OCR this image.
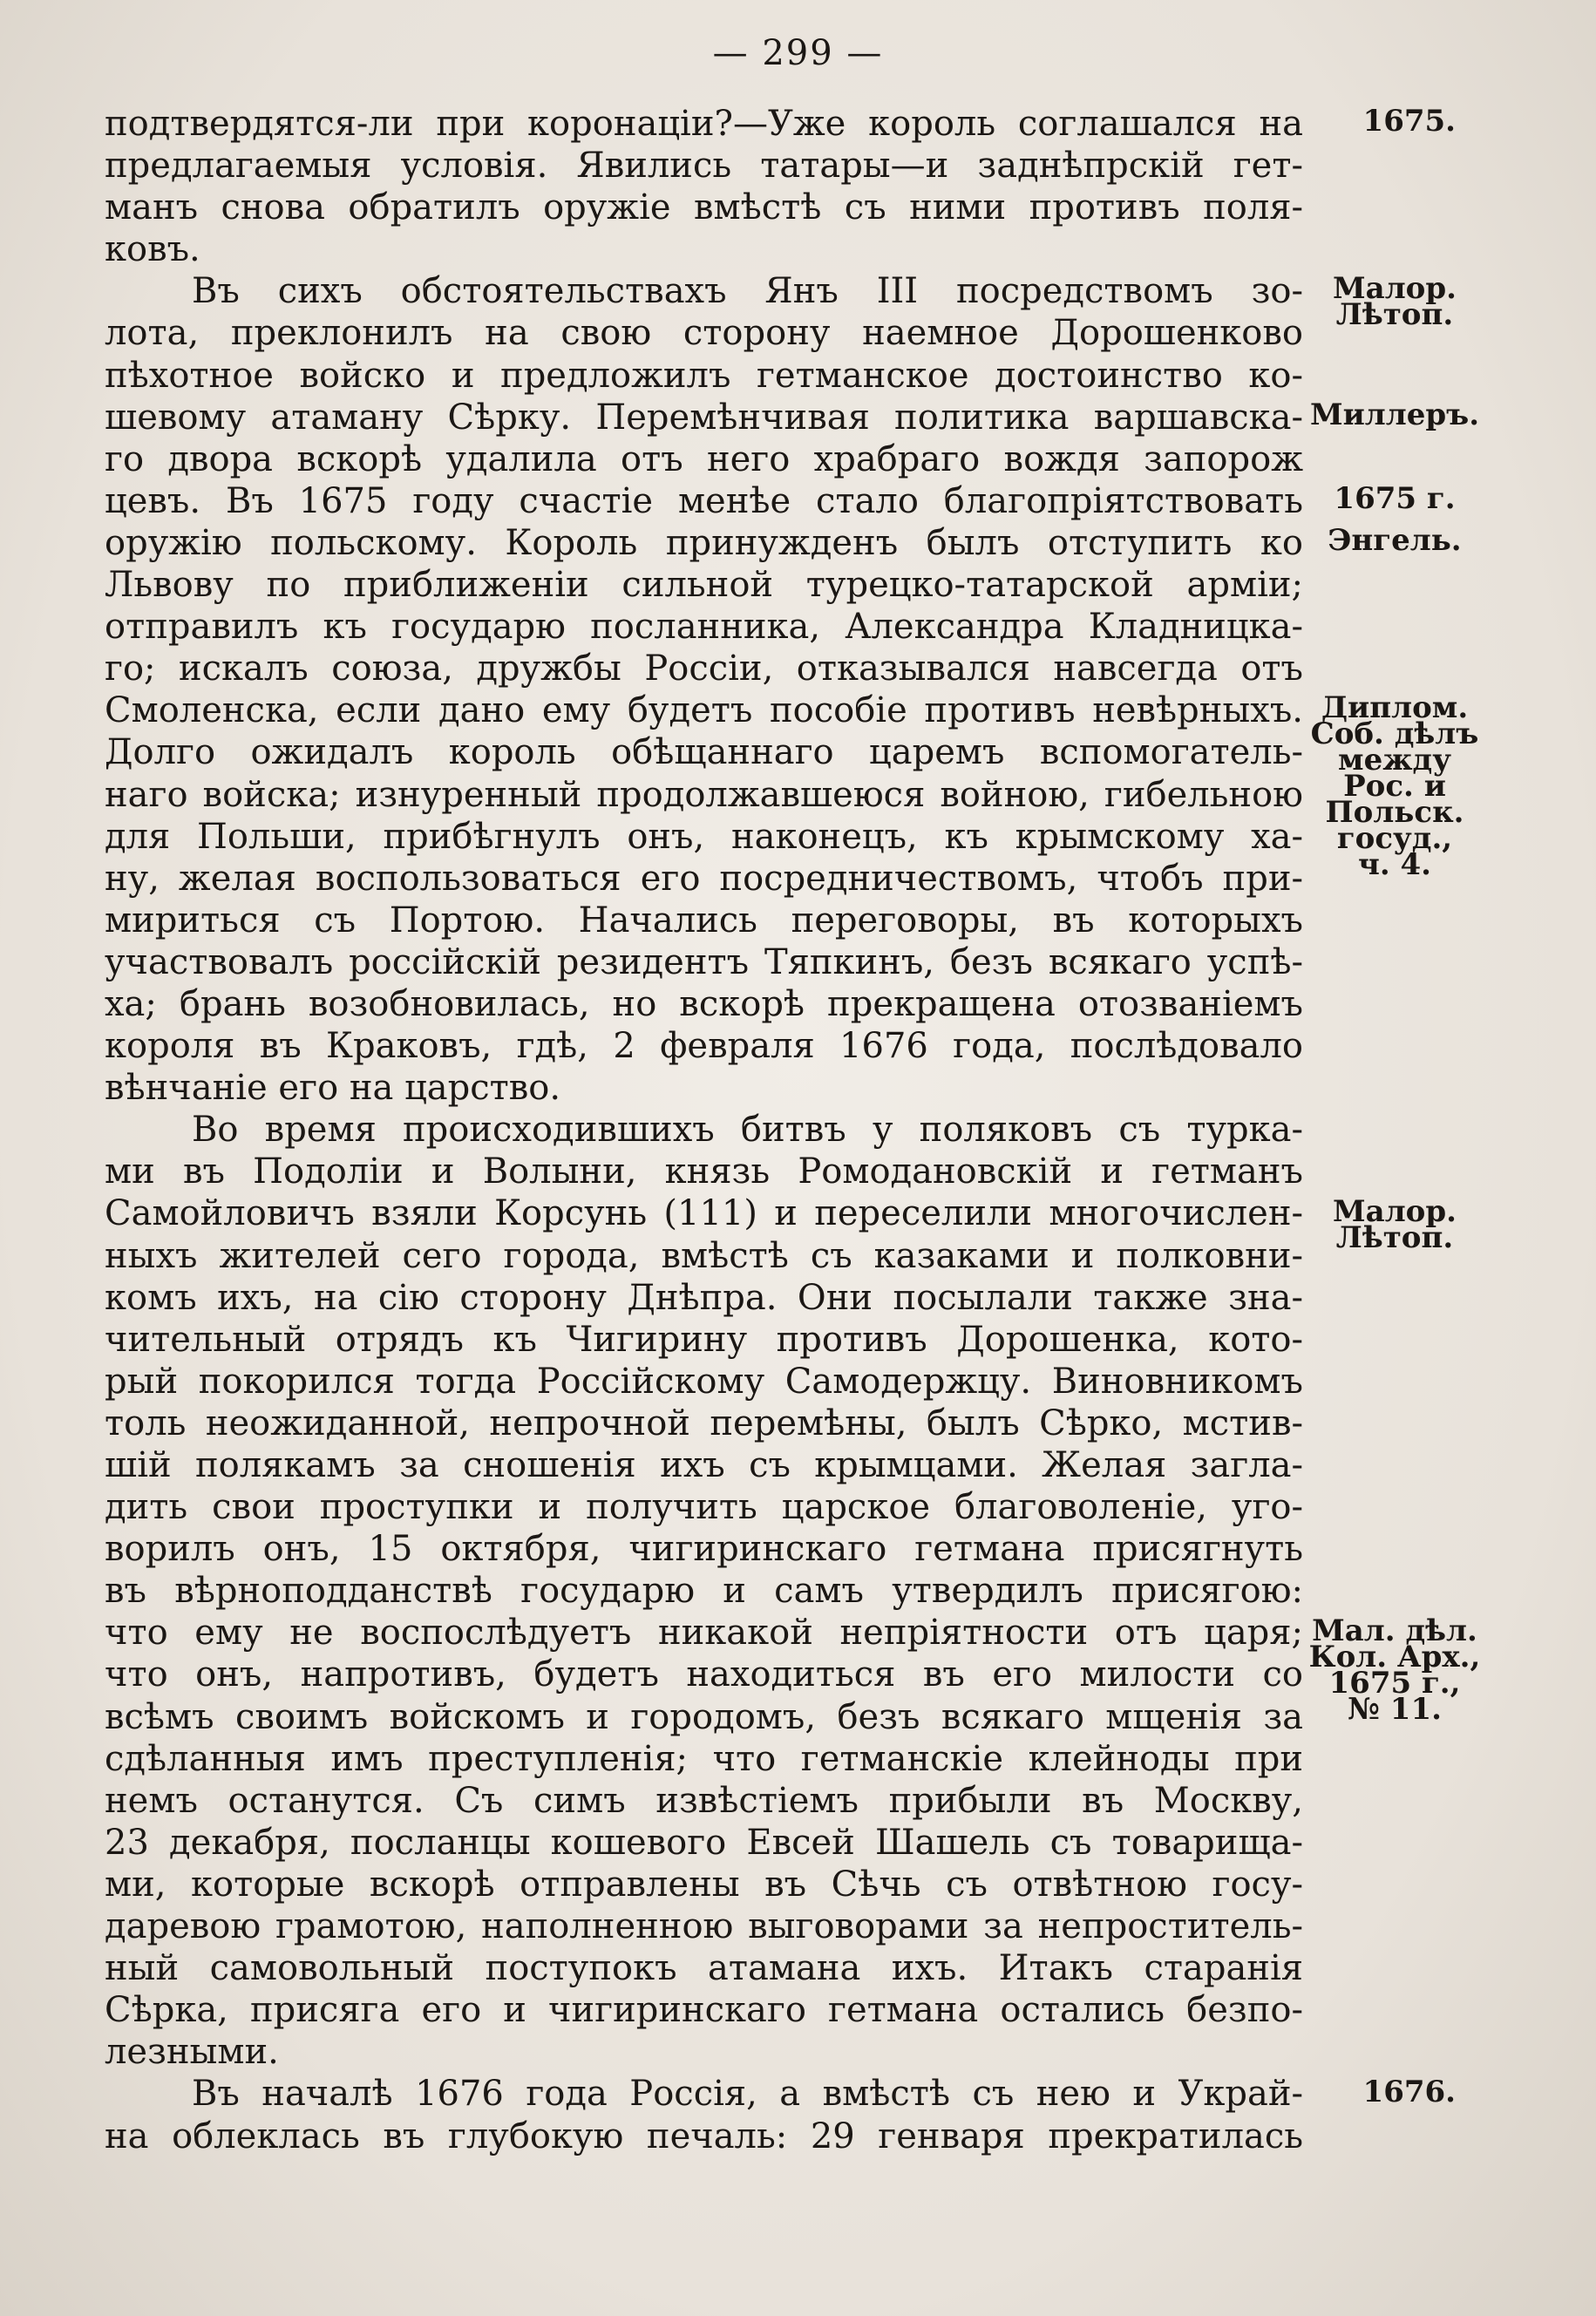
— 299 —
подтвердятся-ли при коронаціи?—Уже король соглашался на
предлагаемыя условія. Явились татары—и заднѣпрскій гет-
манъ снова обратилъ оружіе вмѣстѣ съ ними противъ поля-
ковъ.
Въ сихъ обстоятельствахъ Янъ III посредствомъ зо-
лота, преклонилъ на свою сторону наемное Дорошенково
пѣхотное войско и предложилъ гетманское достоинство ко-
шевому атаману Сѣрку. Перемѣнчивая политика варшавска-
го двора вскорѣ удалила отъ него храбраго вождя запорож
цевъ. Въ 1675 году счастіе менѣе стало благопріятствовать
оружію польскому. Король принужденъ былъ отступить ко
Львову по приближеніи сильной турецко-татарской арміи;
отправилъ къ государю посланника, Александра Кладницка-
го; искалъ союза, дружбы Россіи, отказывался навсегда отъ
Смоленска, если дано ему будетъ пособіе противъ невѣрныхъ.
Долго ожидалъ король обѣщаннаго царемъ вспомогатель-
наго войска; изнуренный продолжавшеюся войною, гибельною
для Польши, прибѣгнулъ онъ, наконецъ, къ крымскому ха-
ну, желая воспользоваться его посредничествомъ, чтобъ при-
мириться съ Портою. Начались переговоры, въ которыхъ
участвовалъ россійскій резидентъ Тяпкинъ, безъ всякаго успѣ-
ха; брань возобновилась, но вскорѣ прекращена отозваніемъ
короля въ Краковъ, гдѣ, 2 февраля 1676 года, послѣдовало
вѣнчаніе его на царство.
Во время происходившихъ битвъ у поляковъ съ турка-
ми въ Подоліи и Волыни, князь Ромодановскій и гетманъ
Самойловичъ взяли Корсунь (111) и переселили многочислен-
ныхъ жителей сего города, вмѣстѣ съ казаками и полковни-
комъ ихъ, на сію сторону Днѣпра. Они посылали также зна-
чительный отрядъ къ Чигирину противъ Дорошенка, кото-
рый покорился тогда Россійскому Самодержцу. Виновникомъ
толь неожиданной, непрочной перемѣны, былъ Сѣрко, мстив-
шій полякамъ за сношенія ихъ съ крымцами. Желая загла-
дить свои проступки и получить царское благоволеніе, уго-
ворилъ онъ, 15 октября, чигиринскаго гетмана присягнуть
въ вѣрноподданствѣ государю и самъ утвердилъ присягою:
что ему не воспослѣдуетъ никакой непріятности отъ царя;
что онъ, напротивъ, будетъ находиться въ его милости со
всѣмъ своимъ войскомъ и городомъ, безъ всякаго мщенія за
сдѣланныя имъ преступленія; что гетманскіе клейноды при
немъ останутся. Съ симъ извѣстіемъ прибыли въ Москву,
23 декабря, посланцы кошевого Евсей Шашель съ товарища-
ми, которые вскорѣ отправлены въ Сѣчь съ отвѣтною госу-
даревою грамотою, наполненною выговорами за непроститель-
ный самовольный поступокъ атамана ихъ. Итакъ старанія
Сѣрка, присяга его и чигиринскаго гетмана остались безпо-
лезными.
Въ началѣ 1676 года Россія, а вмѣстѣ съ нею и Украй-
на облеклась въ глубокую печаль: 29 генваря прекратилась
1675.
Малор.
Лѣтоп.
Миллеръ.
1675 г.
Энгель.
Диплом.
Соб. дѣлъ
между
Рос. и
Польск.
госуд.,
ч. 4.
Малор.
Лѣтоп.
Мал. дѣл.
Кол. Арх.,
1675 г.,
№ 11.
1676.
